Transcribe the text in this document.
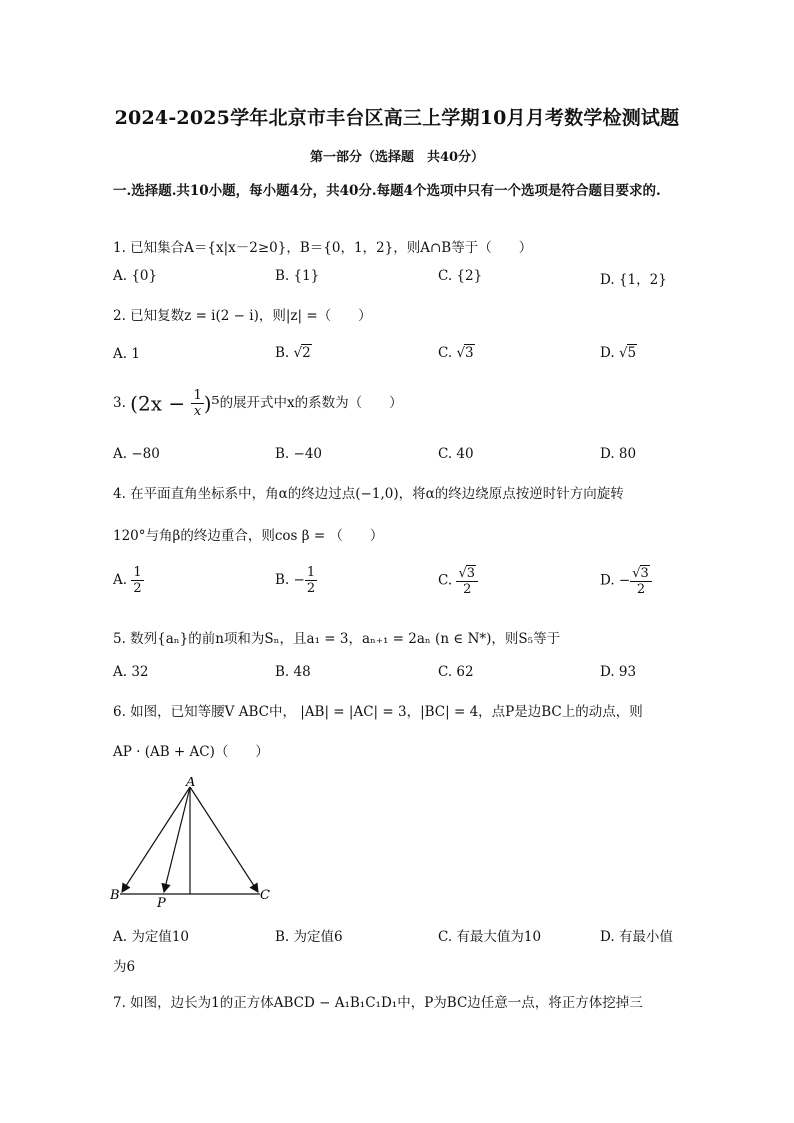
2024-2025学年北京市丰台区高三上学期10月月考数学检测试题
第一部分（选择题　共40分）
一.选择题.共10小题，每小题4分，共40分.每题4个选项中只有一个选项是符合题目要求的.
1. 已知集合A＝{x|x－2≥0}，B＝{0，1，2}，则A∩B等于（　　）
A. {0}	B. {1}	C. {2}	D. {1，2}
2. 已知复数z = i(2 − i)，则|z| =（　　）
A. 1	B. √2	C. √3	D. √5
3. $(2x - \frac{1}{x} )^5$的展开式中x的系数为（　　）
A. −80	B. −40	C. 40	D. 80
4. 在平面直角坐标系中，角α的终边过点(−1,0)，将α的终边绕原点按逆时针方向旋转
120°与角β的终边重合，则cos β = （　　）
A. $\frac{1}{2}$	B. − $\frac{1}{2}$	C. $\frac{√3}{2}$	D. − $\frac{√3}{2}$
5. 数列{aₙ}的前n项和为Sₙ，且a₁ = 3，aₙ₊₁ = 2aₙ (n ∈ N*)，则S₅等于
A. 32	B. 48	C. 62	D. 93
6. 如图，已知等腰V ABC中， |AB| = |AC| = 3，|BC| = 4，点P是边BC上的动点，则
AP · (AB + AC)（　　）
A
B
P
C
A. 为定值10	B. 为定值6	C. 有最大值为10	D. 有最小值
为6
7. 如图，边长为1的正方体ABCD − A₁B₁C₁D₁中，P为BC边任意一点，将正方体挖掉三
